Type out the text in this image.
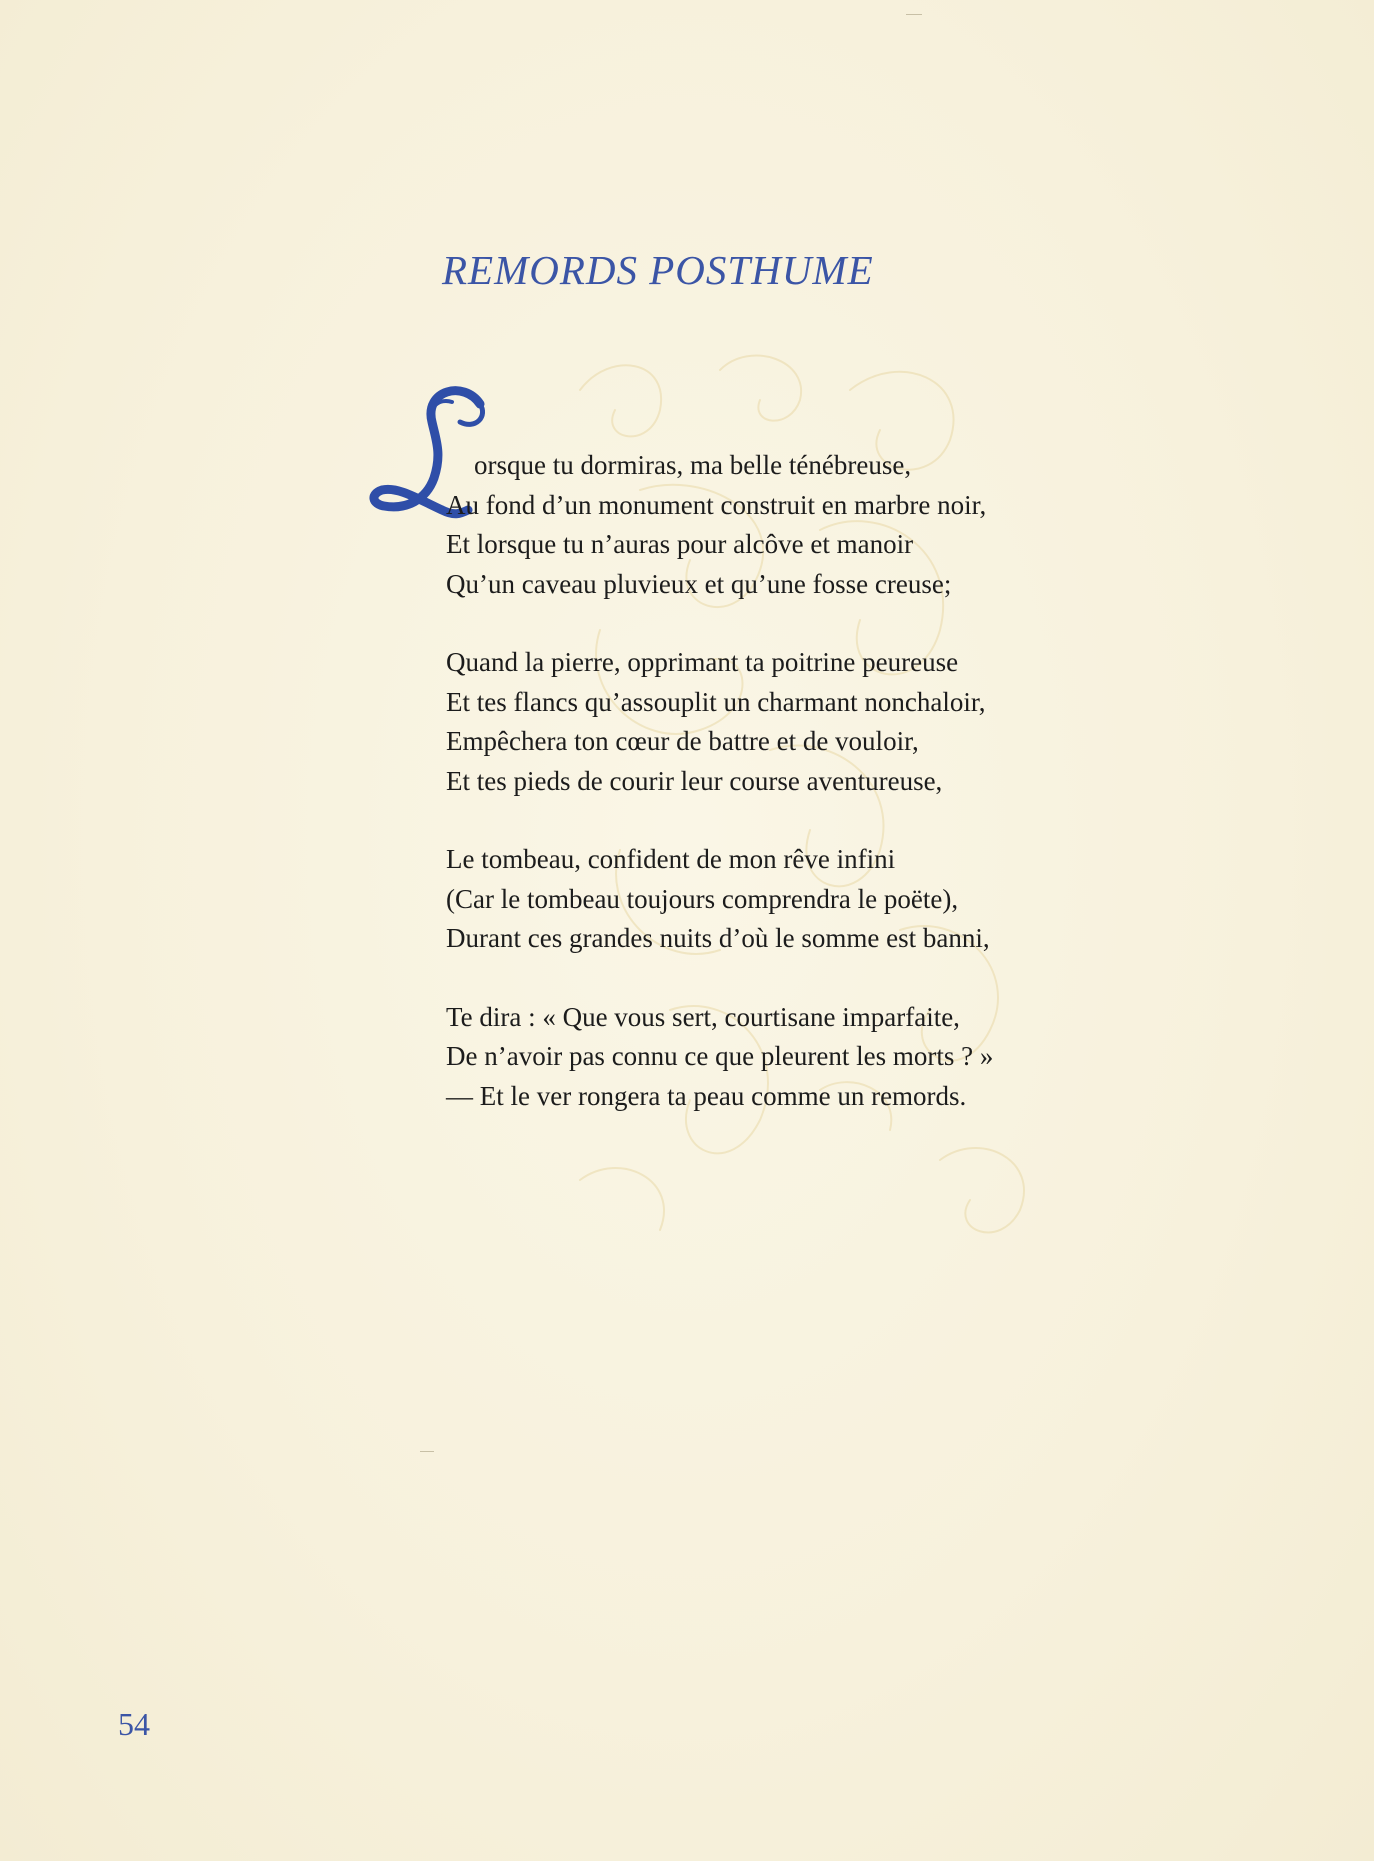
REMORDS POSTHUME
orsque tu dormiras, ma belle ténébreuse,
Au fond d’un monument construit en marbre noir,
Et lorsque tu n’auras pour alcôve et manoir
Qu’un caveau pluvieux et qu’une fosse creuse;
Quand la pierre, opprimant ta poitrine peureuse
Et tes flancs qu’assouplit un charmant nonchaloir,
Empêchera ton cœur de battre et de vouloir,
Et tes pieds de courir leur course aventureuse,
Le tombeau, confident de mon rêve infini
(Car le tombeau toujours comprendra le poëte),
Durant ces grandes nuits d’où le somme est banni,
Te dira : « Que vous sert, courtisane imparfaite,
De n’avoir pas connu ce que pleurent les morts ? »
— Et le ver rongera ta peau comme un remords.
54
